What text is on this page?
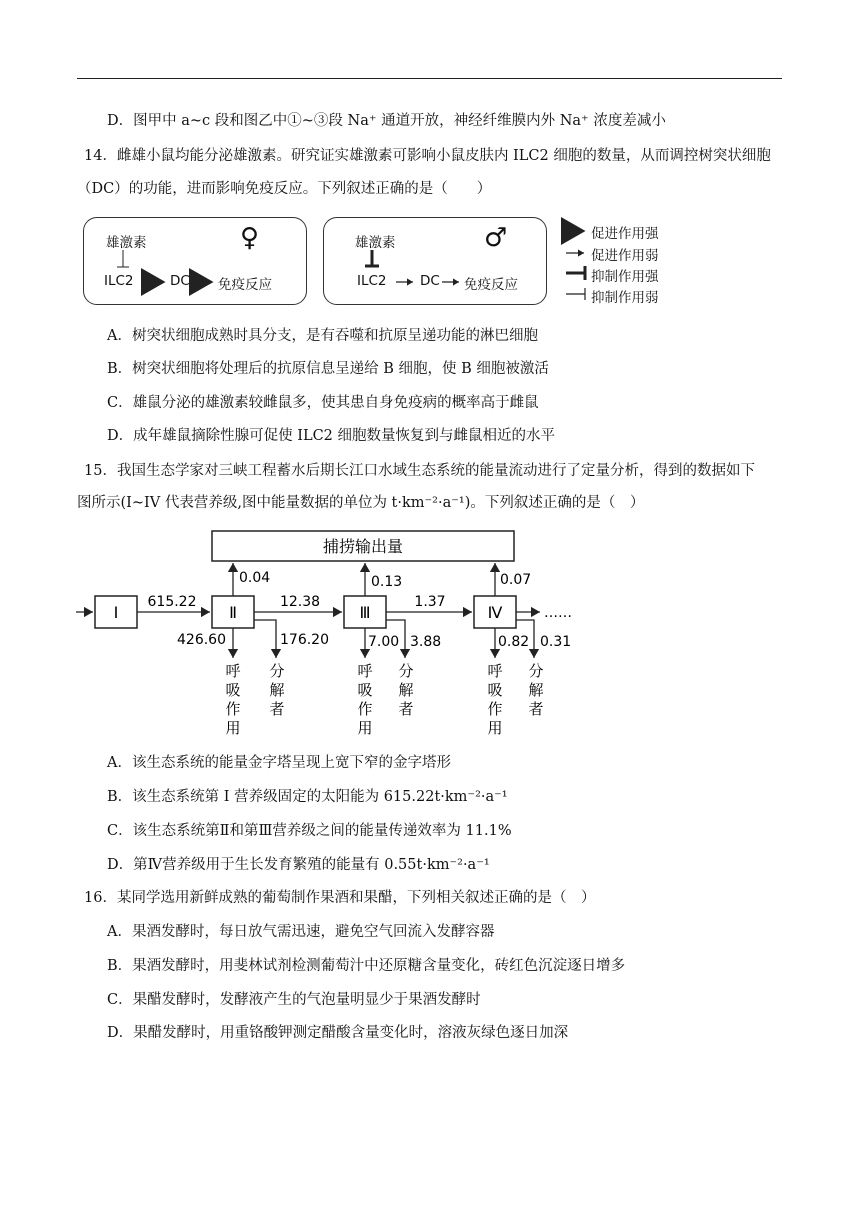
D．图甲中 a~c 段和图乙中①~③段 Na⁺ 通道开放，神经纤维膜内外 Na⁺ 浓度差减小
14．雌雄小鼠均能分泌雄激素。研究证实雄激素可影响小鼠皮肤内 ILC2 细胞的数量，从而调控树突状细胞
（DC）的功能，进而影响免疫反应。下列叙述正确的是（　　）
雄激素	♀
ILC2	DC 免疫反应
雄激素	♂
ILC2 DC 免疫反应
促进作用强
促进作用弱
抑制作用强
抑制作用弱
A．树突状细胞成熟时具分支，是有吞噬和抗原呈递功能的淋巴细胞
B．树突状细胞将处理后的抗原信息呈递给 B 细胞，使 B 细胞被激活
C．雄鼠分泌的雄激素较雌鼠多，使其患自身免疫病的概率高于雌鼠
D．成年雄鼠摘除性腺可促使 ILC2 细胞数量恢复到与雌鼠相近的水平
15．我国生态学家对三峡工程蓄水后期长江口水域生态系统的能量流动进行了定量分析，得到的数据如下
图所示(I~IV 代表营养级,图中能量数据的单位为 t·km⁻²·a⁻¹)。下列叙述正确的是（　）
捕捞输出量
Ⅰ	Ⅱ	Ⅲ	Ⅳ	……
615.22	12.38	1.37
0.04	0.13	0.07
426.60	7.00	0.82
176.20	3.88	0.31
呼吸作用
分解者
呼吸作用
分解者
呼吸作用
分解者
A．该生态系统的能量金字塔呈现上宽下窄的金字塔形
B．该生态系统第 I 营养级固定的太阳能为 615.22t·km⁻²·a⁻¹
C．该生态系统第Ⅱ和第Ⅲ营养级之间的能量传递效率为 11.1%
D．第Ⅳ营养级用于生长发育繁殖的能量有 0.55t·km⁻²·a⁻¹
16．某同学选用新鲜成熟的葡萄制作果酒和果醋，下列相关叙述正确的是（　）
A．果酒发酵时，每日放气需迅速，避免空气回流入发酵容器
B．果酒发酵时，用斐林试剂检测葡萄汁中还原糖含量变化，砖红色沉淀逐日增多
C．果醋发酵时，发酵液产生的气泡量明显少于果酒发酵时
D．果醋发酵时，用重铬酸钾测定醋酸含量变化时，溶液灰绿色逐日加深
